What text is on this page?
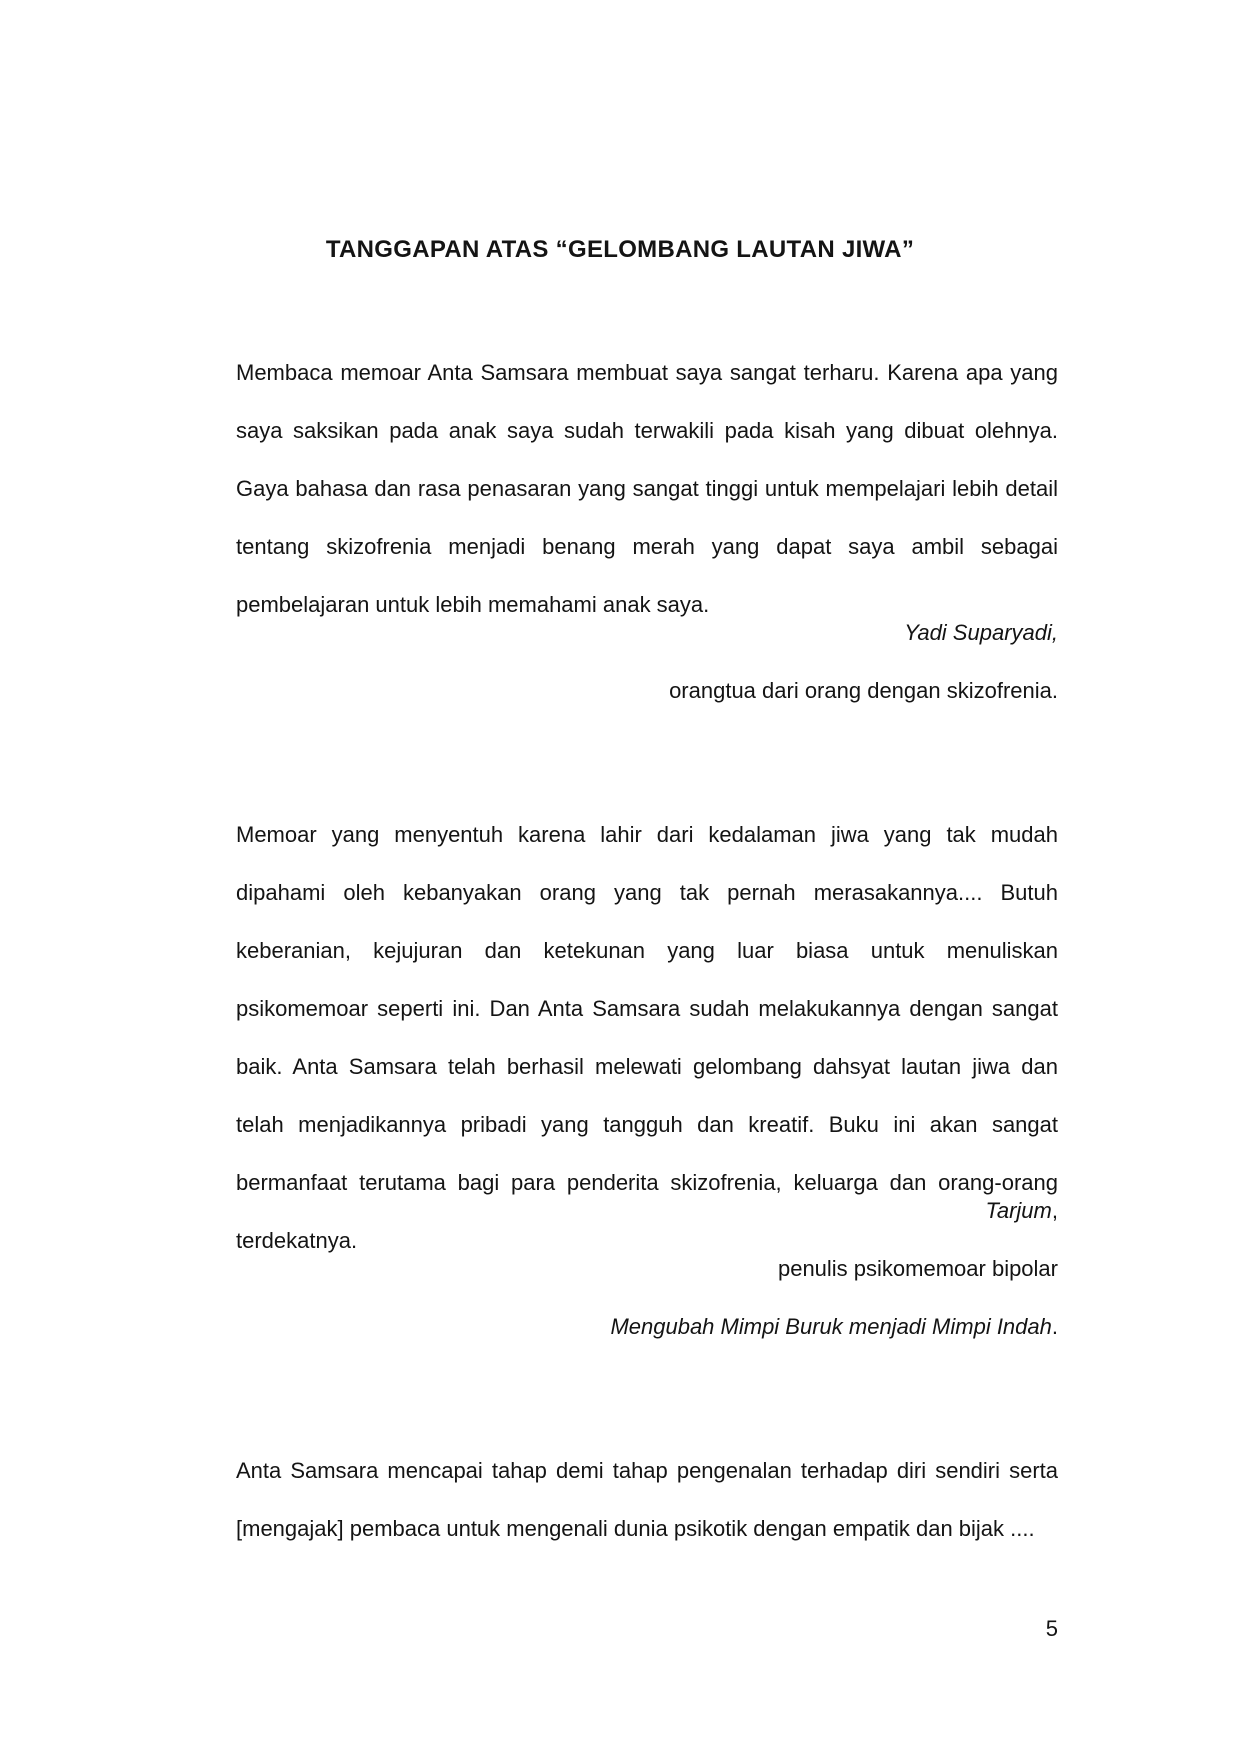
TANGGAPAN ATAS “GELOMBANG LAUTAN JIWA”

Membaca memoar Anta Samsara membuat saya sangat terharu. Karena apa yang saya saksikan pada anak saya sudah terwakili pada kisah yang dibuat olehnya. Gaya bahasa dan rasa penasaran yang sangat tinggi untuk mempelajari lebih detail tentang skizofrenia menjadi benang merah yang dapat saya ambil sebagai pembelajaran untuk lebih memahami anak saya.

Yadi Suparyadi,

orangtua dari orang dengan skizofrenia.

Memoar yang menyentuh karena lahir dari kedalaman jiwa yang tak mudah dipahami oleh kebanyakan orang yang tak pernah merasakannya.... Butuh keberanian, kejujuran dan ketekunan yang luar biasa untuk menuliskan psikomemoar seperti ini. Dan Anta Samsara sudah melakukannya dengan sangat baik. Anta Samsara telah berhasil melewati gelombang dahsyat lautan jiwa dan telah menjadikannya pribadi yang tangguh dan kreatif. Buku ini akan sangat bermanfaat terutama bagi para penderita skizofrenia, keluarga dan orang-orang terdekatnya.

Tarjum,

penulis psikomemoar bipolar

Mengubah Mimpi Buruk menjadi Mimpi Indah.

Anta Samsara mencapai tahap demi tahap pengenalan terhadap diri sendiri serta [mengajak] pembaca untuk mengenali dunia psikotik dengan empatik dan bijak ....

5
